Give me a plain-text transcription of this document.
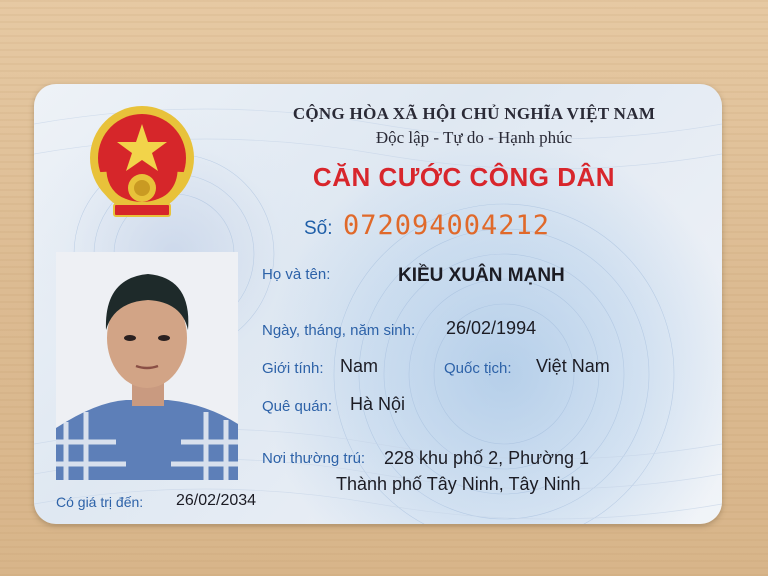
CỘNG HÒA XÃ HỘI CHỦ NGHĨA VIỆT NAM
Độc lập - Tự do - Hạnh phúc
CĂN CƯỚC CÔNG DÂN
Số: 072094004212
Họ và tên:	KIỀU XUÂN MẠNH
Ngày, tháng, năm sinh: 26/02/1994
Giới tính: Nam	Quốc tịch: Việt Nam
Quê quán: Hà Nội
Nơi thường trú: 228 khu phố 2, Phường 1
Thành phố Tây Ninh, Tây Ninh
Có giá trị đến: 26/02/2034
